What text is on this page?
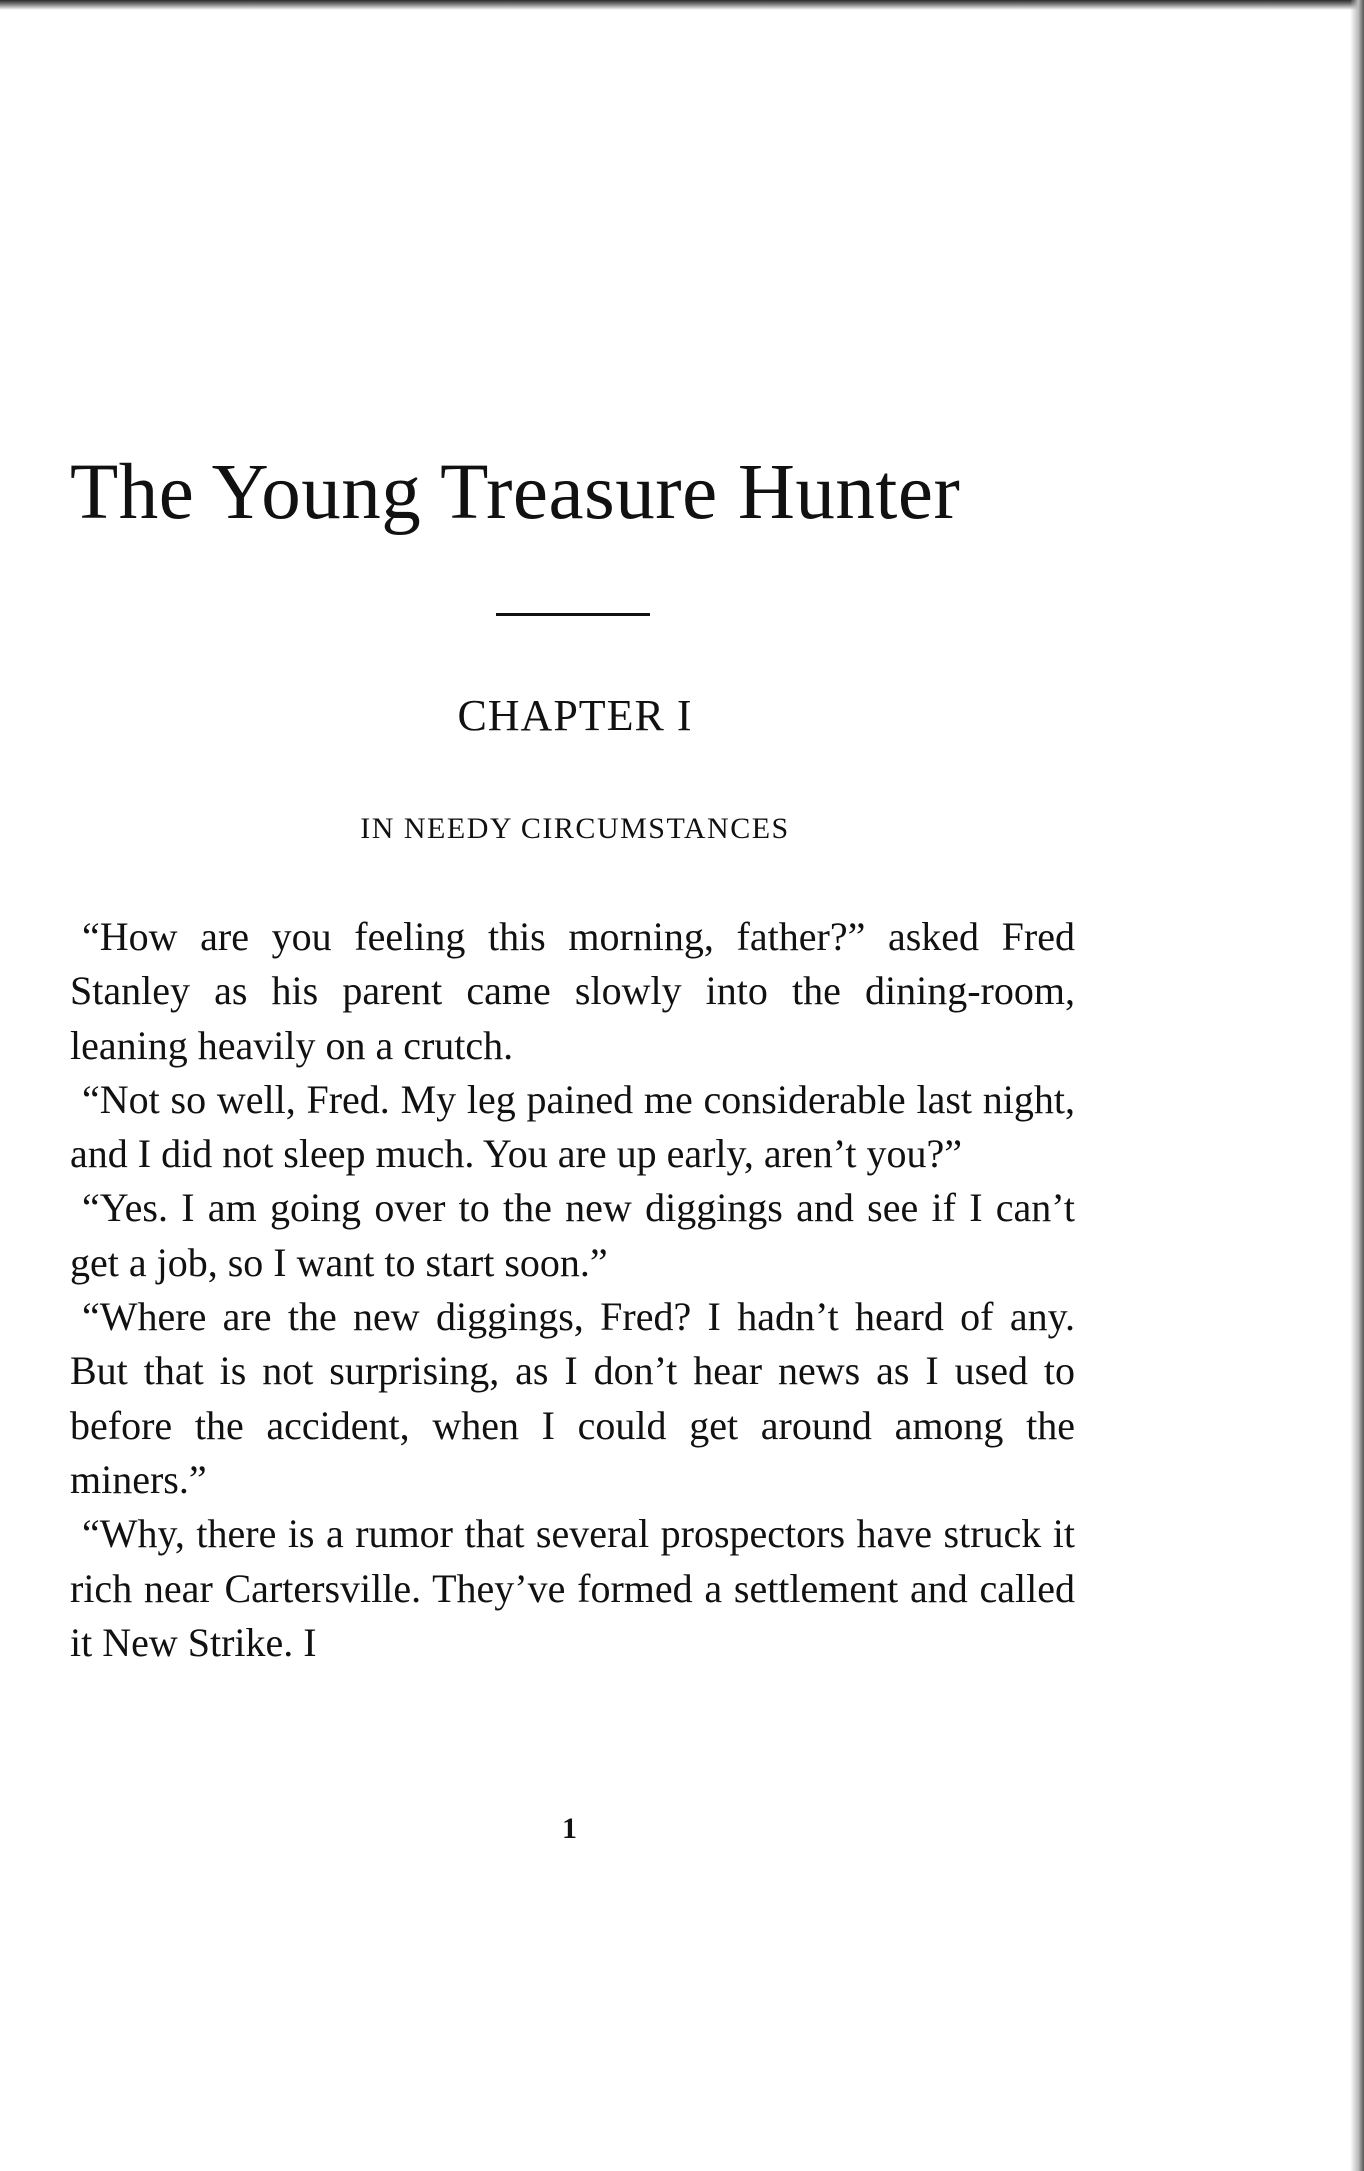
The Young Treasure Hunter
CHAPTER I
IN NEEDY CIRCUMSTANCES

“How are you feeling this morning, father?” asked Fred Stanley as his parent came slowly into the dining-room, leaning heavily on a crutch.

“Not so well, Fred. My leg pained me considerable last night, and I did not sleep much. You are up early, aren’t you?”

“Yes. I am going over to the new diggings and see if I can’t get a job, so I want to start soon.”

“Where are the new diggings, Fred? I hadn’t heard of any. But that is not surprising, as I don’t hear news as I used to before the accident, when I could get around among the miners.”

“Why, there is a rumor that several prospectors have struck it rich near Cartersville. They’ve formed a settlement and called it New Strike. I

1
